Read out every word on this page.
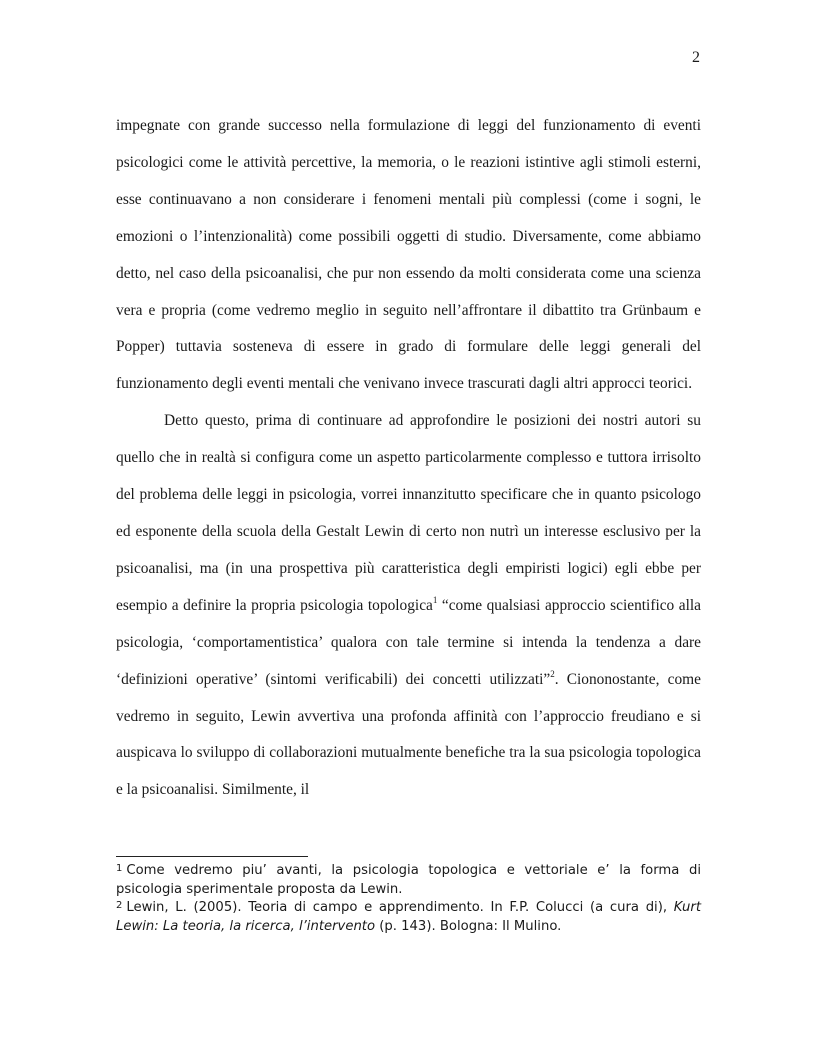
2

impegnate con grande successo nella formulazione di leggi del funzionamento di eventi psicologici come le attività percettive, la memoria, o le reazioni istintive agli stimoli esterni, esse continuavano a non considerare i fenomeni mentali più complessi (come i sogni, le emozioni o l’intenzionalità) come possibili oggetti di studio. Diversamente, come abbiamo detto, nel caso della psicoanalisi, che pur non essendo da molti considerata come una scienza vera e propria (come vedremo meglio in seguito nell’affrontare il dibattito tra Grünbaum e Popper) tuttavia sosteneva di essere in grado di formulare delle leggi generali del funzionamento degli eventi mentali che venivano invece trascurati dagli altri approcci teorici.

Detto questo, prima di continuare ad approfondire le posizioni dei nostri autori su quello che in realtà si configura come un aspetto particolarmente complesso e tuttora irrisolto del problema delle leggi in psicologia, vorrei innanzitutto specificare che in quanto psicologo ed esponente della scuola della Gestalt Lewin di certo non nutrì un interesse esclusivo per la psicoanalisi, ma (in una prospettiva più caratteristica degli empiristi logici) egli ebbe per esempio a definire la propria psicologia topologica$^1$ “come qualsiasi approccio scientifico alla psicologia, ‘comportamentistica’ qualora con tale termine si intenda la tendenza a dare ‘definizioni operative’ (sintomi verificabili) dei concetti utilizzati”$^2$. Ciononostante, come vedremo in seguito, Lewin avvertiva una profonda affinità con l’approccio freudiano e si auspicava lo sviluppo di collaborazioni mutualmente benefiche tra la sua psicologia topologica e la psicoanalisi. Similmente, il

$^1$ Come vedremo piu’ avanti, la psicologia topologica e vettoriale e’ la forma di psicologia sperimentale proposta da Lewin.

$^2$ Lewin, L. (2005). Teoria di campo e apprendimento. In F.P. Colucci (a cura di), Kurt Lewin: La teoria, la ricerca, l’intervento (p. 143). Bologna: Il Mulino.
